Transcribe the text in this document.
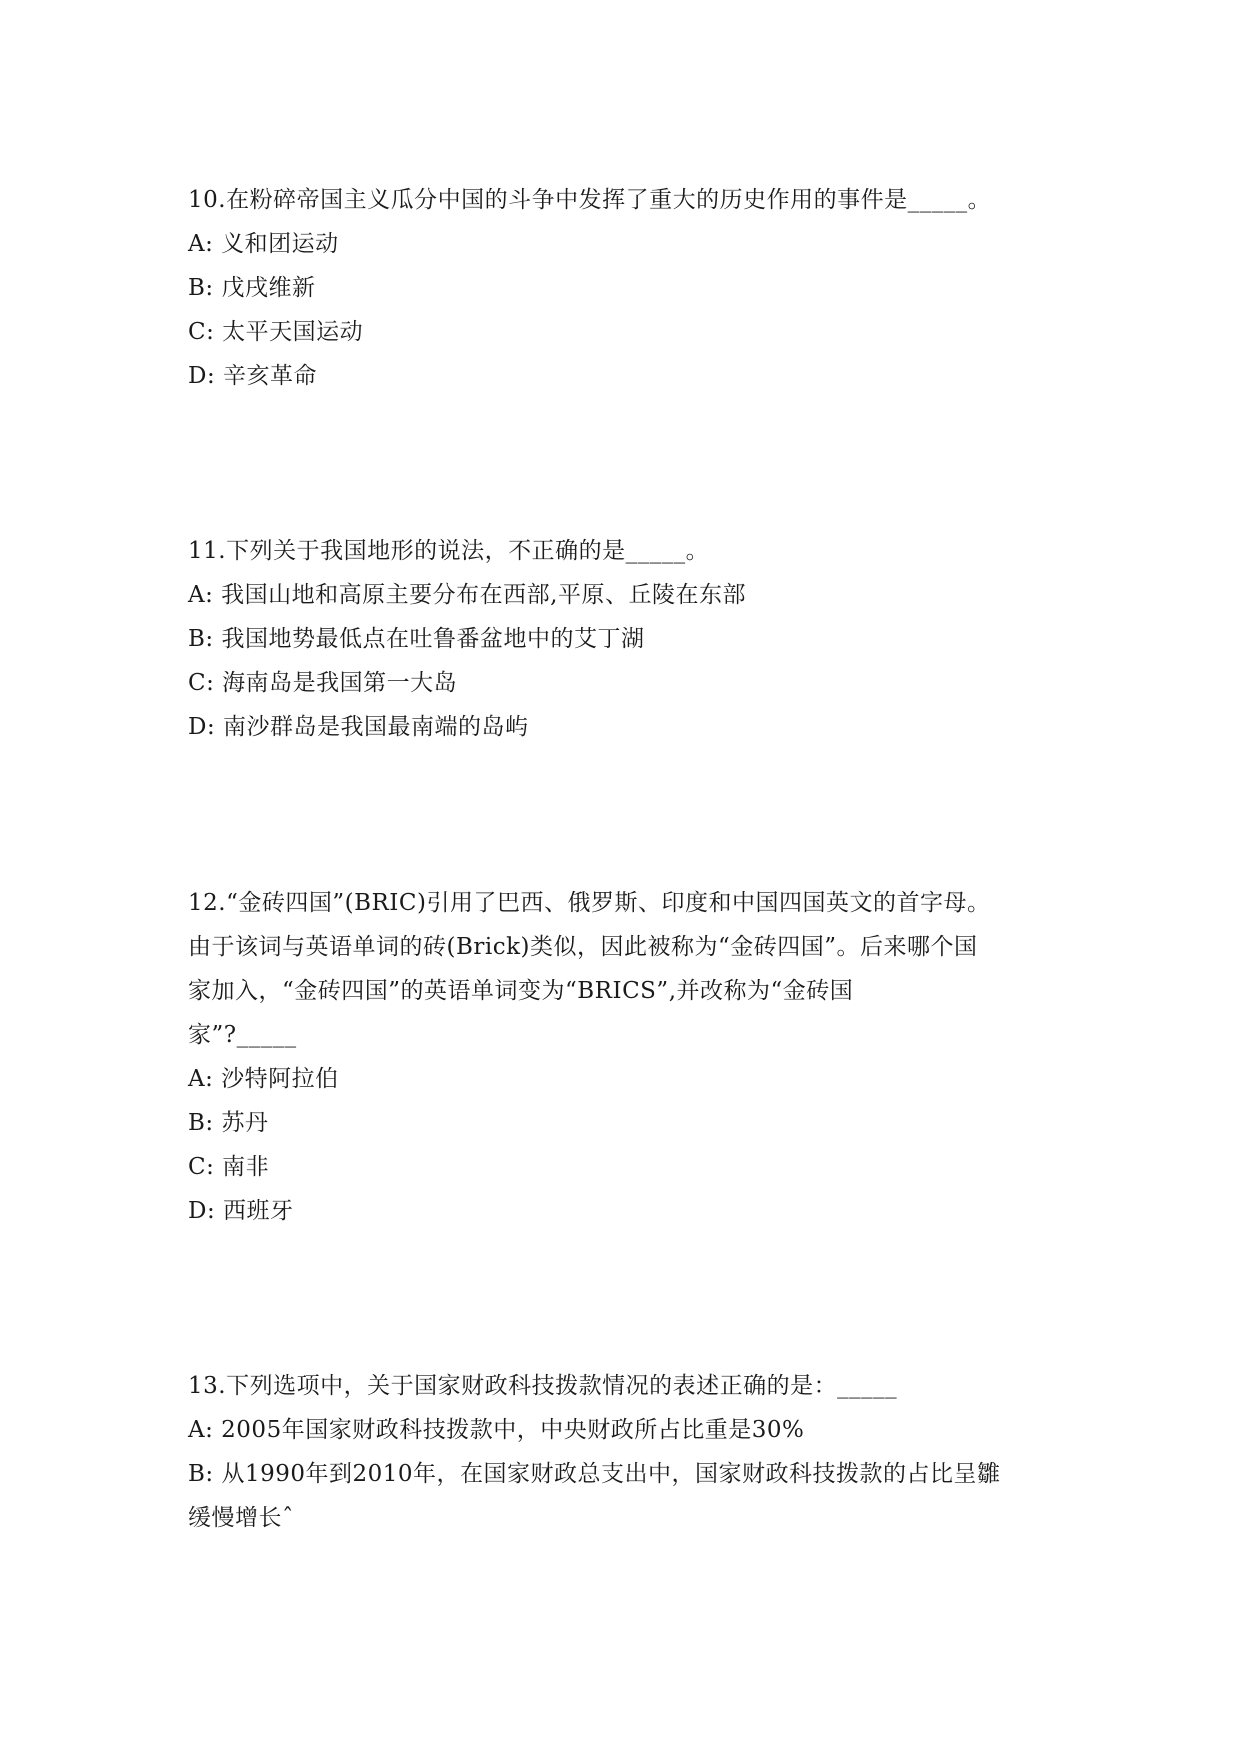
10.在粉碎帝国主义瓜分中国的斗争中发挥了重大的历史作用的事件是_____。
A: 义和团运动
B: 戊戌维新
C: 太平天国运动
D: 辛亥革命
11.下列关于我国地形的说法，不正确的是_____。
A: 我国山地和高原主要分布在西部,平原、丘陵在东部
B: 我国地势最低点在吐鲁番盆地中的艾丁湖
C: 海南岛是我国第一大岛
D: 南沙群岛是我国最南端的岛屿
12.“金砖四国”(BRIC)引用了巴西、俄罗斯、印度和中国四国英文的首字母。
由于该词与英语单词的砖(Brick)类似，因此被称为“金砖四国”。后来哪个国
家加入，“金砖四国”的英语单词变为“BRICS”,并改称为“金砖国
家”?_____
A: 沙特阿拉伯
B: 苏丹
C: 南非
D: 西班牙
13.下列选项中，关于国家财政科技拨款情况的表述正确的是：_____
A: 2005年国家财政科技拨款中，中央财政所占比重是30%
B: 从1990年到2010年，在国家财政总支出中，国家财政科技拨款的占比呈雛
缓慢增长ˆ
